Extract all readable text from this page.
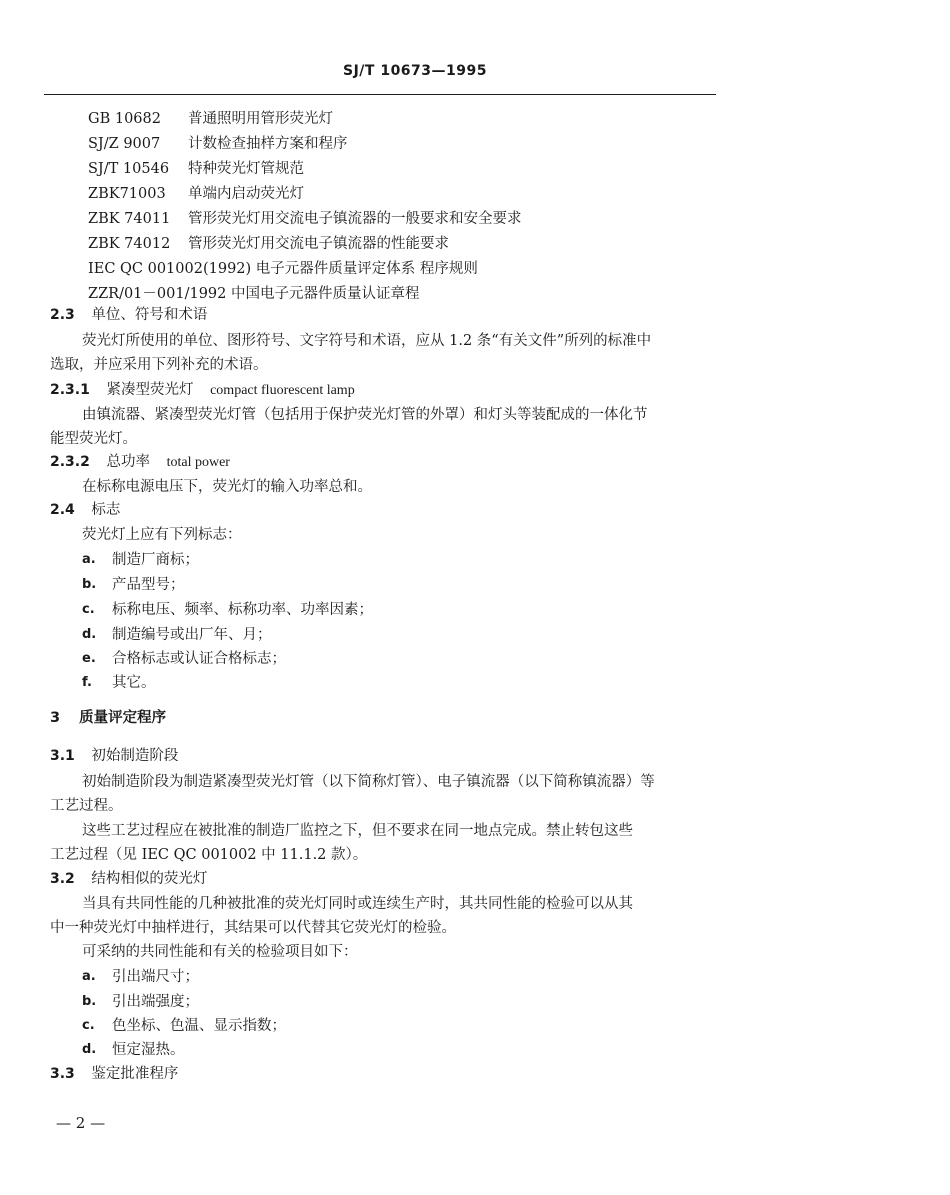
SJ/T 10673—1995
GB 10682	普通照明用管形荧光灯
SJ/Z 9007	计数检查抽样方案和程序
SJ/T 10546	特种荧光灯管规范
ZBK71003	单端内启动荧光灯
ZBK 74011	管形荧光灯用交流电子镇流器的一般要求和安全要求
ZBK 74012	管形荧光灯用交流电子镇流器的性能要求
IEC QC 001002(1992) 电子元器件质量评定体系 程序规则
ZZR/01－001/1992 中国电子元器件质量认证章程
2.3 单位、符号和术语
荧光灯所使用的单位、图形符号、文字符号和术语，应从 1.2 条“有关文件”所列的标准中
选取，并应采用下列补充的术语。
2.3.1 紧凑型荧光灯 compact fluorescent lamp
由镇流器、紧凑型荧光灯管（包括用于保护荧光灯管的外罩）和灯头等装配成的一体化节
能型荧光灯。
2.3.2 总功率 total power
在标称电源电压下，荧光灯的输入功率总和。
2.4 标志
荧光灯上应有下列标志：
a. 制造厂商标；
b. 产品型号；
c. 标称电压、频率、标称功率、功率因素；
d. 制造编号或出厂年、月；
e. 合格标志或认证合格标志；
f. 其它。
3 质量评定程序
3.1 初始制造阶段
初始制造阶段为制造紧凑型荧光灯管（以下简称灯管）、电子镇流器（以下简称镇流器）等
工艺过程。
这些工艺过程应在被批准的制造厂监控之下，但不要求在同一地点完成。禁止转包这些
工艺过程（见 IEC QC 001002 中 11.1.2 款）。
3.2 结构相似的荧光灯
当具有共同性能的几种被批准的荧光灯同时或连续生产时，其共同性能的检验可以从其
中一种荧光灯中抽样进行，其结果可以代替其它荧光灯的检验。
可采纳的共同性能和有关的检验项目如下：
a. 引出端尺寸；
b. 引出端强度；
c. 色坐标、色温、显示指数；
d. 恒定湿热。
3.3 鉴定批准程序
— 2 —
